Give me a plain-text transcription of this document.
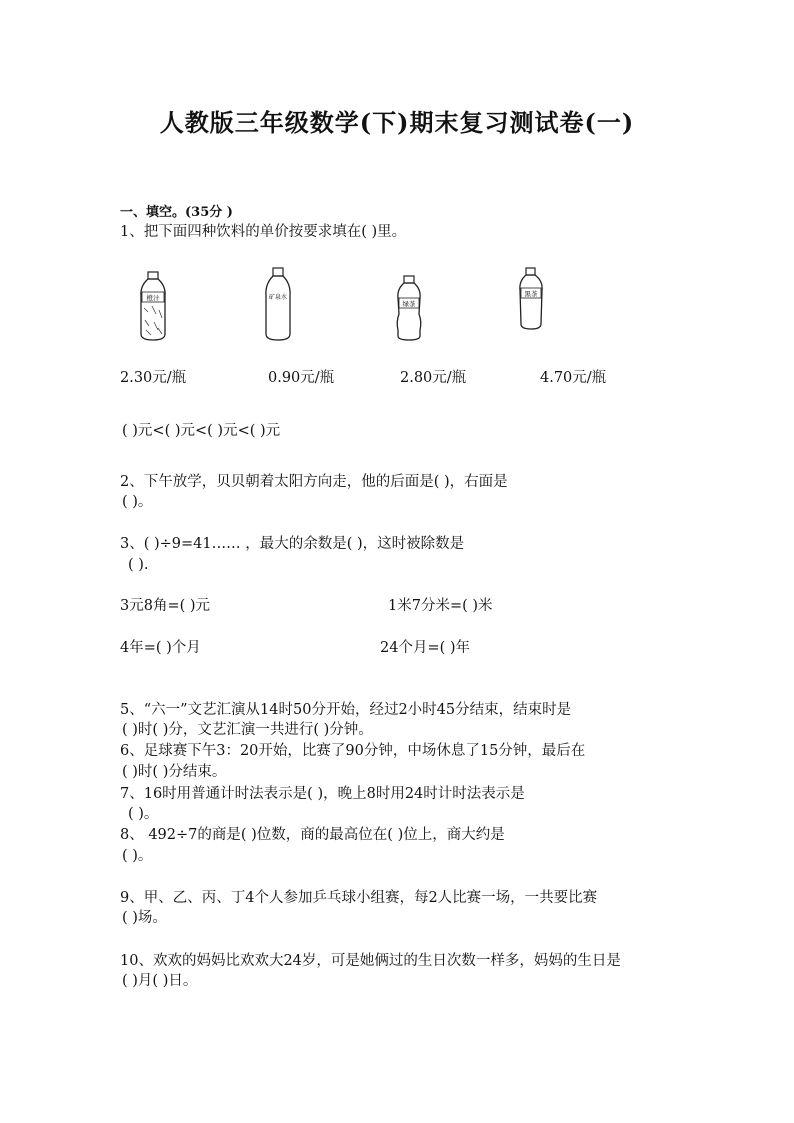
人教版三年级数学(下)期末复习测试卷(一)
一、填空。(35分 )
1、把下面四种饮料的单价按要求填在( )里。
橙汁	矿泉水
绿茶
黑茶
2.30元/瓶	0.90元/瓶	2.80元/瓶	4.70元/瓶
( )元<( )元<( )元<( )元
2、下午放学，贝贝朝着太阳方向走，他的后面是( )，右面是
( )。
3、( )÷9=41…… ，最大的余数是( )，这时被除数是
( ).
3元8角=( )元	1米7分米=( )米
4年=( )个月	24个月=( )年
5、“六一”文艺汇演从14时50分开始，经过2小时45分结束，结束时是
( )时( )分，文艺汇演一共进行( )分钟。
6、足球赛下午3：20开始，比赛了90分钟，中场休息了15分钟，最后在
( )时( )分结束。
7、16时用普通计时法表示是( )，晚上8时用24时计时法表示是
( )。
8、 492÷7的商是( )位数，商的最高位在( )位上，商大约是
( )。
9、甲、乙、丙、丁4个人参加乒乓球小组赛，每2人比赛一场，一共要比赛
( )场。
10、欢欢的妈妈比欢欢大24岁，可是她俩过的生日次数一样多，妈妈的生日是
( )月( )日。
